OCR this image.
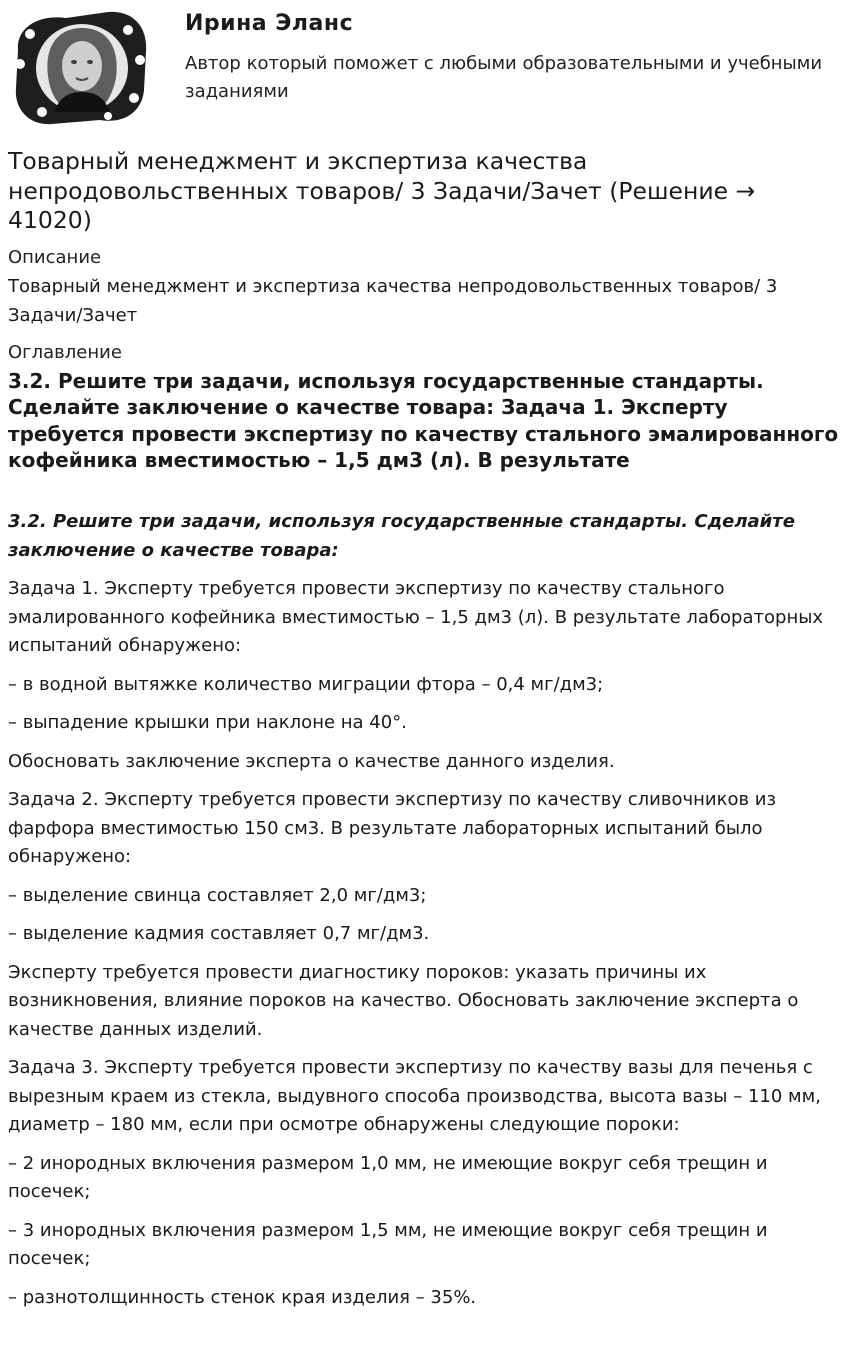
Ирина Эланс
Автор который поможет с любыми образовательными и учебными заданиями
Товарный менеджмент и экспертиза качества непродовольственных товаров/ 3 Задачи/Зачет (Решение → 41020)
Описание

Товарный менеджмент и экспертиза качества непродовольственных товаров/ 3 Задачи/Зачет

Оглавление
3.2. Решите три задачи, используя государственные стандарты. Сделайте заключение о качестве товара: Задача 1. Эксперту требуется провести экспертизу по качеству стального эмалированного кофейника вместимостью – 1,5 дм3 (л). В результате

3.2. Решите три задачи, используя государственные стандарты. Сделайте заключение о качестве товара:

Задача 1. Эксперту требуется провести экспертизу по качеству стального эмалированного кофейника вместимостью – 1,5 дм3 (л). В результате лабораторных испытаний обнаружено:

– в водной вытяжке количество миграции фтора – 0,4 мг/дм3;

– выпадение крышки при наклоне на 40°.

Обосновать заключение эксперта о качестве данного изделия.

Задача 2. Эксперту требуется провести экспертизу по качеству сливочников из фарфора вместимостью 150 см3. В результате лабораторных испытаний было обнаружено:

– выделение свинца составляет 2,0 мг/дм3;

– выделение кадмия составляет 0,7 мг/дм3.

Эксперту требуется провести диагностику пороков: указать причины их возникновения, влияние пороков на качество. Обосновать заключение эксперта о качестве данных изделий.

Задача 3. Эксперту требуется провести экспертизу по качеству вазы для печенья с вырезным краем из стекла, выдувного способа производства, высота вазы – 110 мм, диаметр – 180 мм, если при осмотре обнаружены следующие пороки:

– 2 инородных включения размером 1,0 мм, не имеющие вокруг себя трещин и посечек;

– 3 инородных включения размером 1,5 мм, не имеющие вокруг себя трещин и посечек;

– разнотолщинность стенок края изделия – 35%.
